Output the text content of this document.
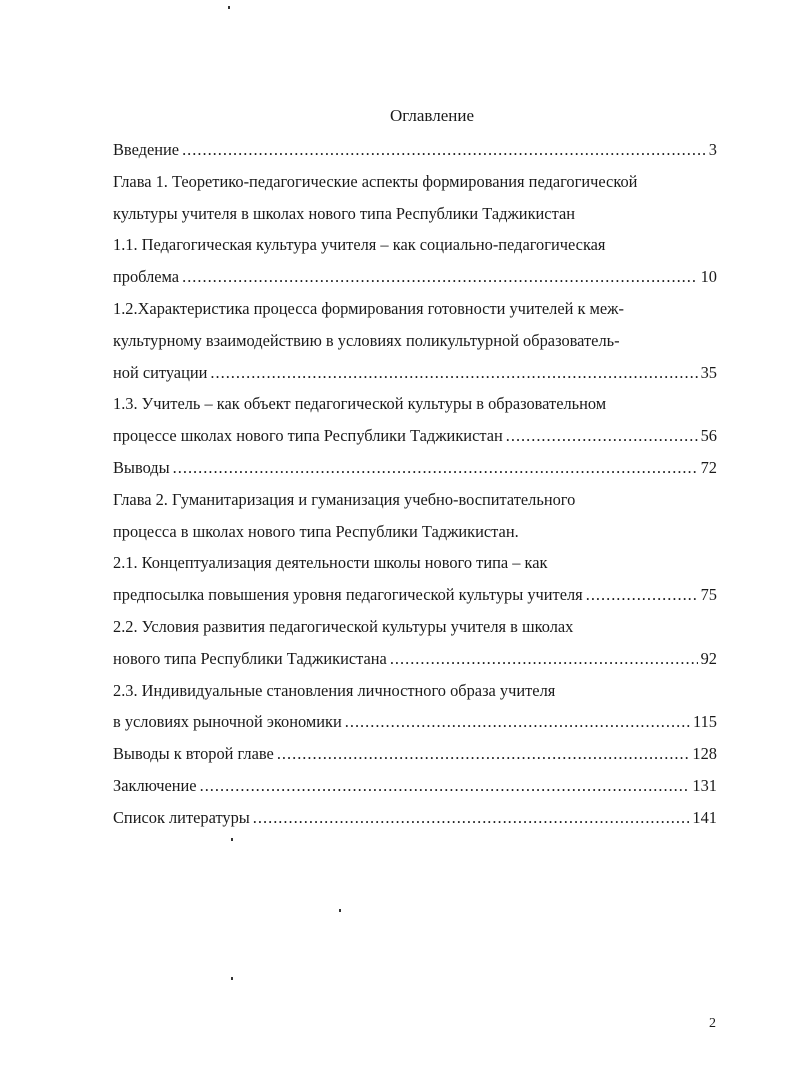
Оглавление
Введение .....	3
Глава 1. Теоретико-педагогические аспекты формирования педагогической
культуры учителя в школах нового типа Республики Таджикистан
1.1. Педагогическая культура учителя – как социально-педагогическая
проблема .....	10
1.2.Характеристика процесса формирования готовности учителей к меж-
культурному взаимодействию в условиях поликультурной образователь-
ной ситуации .....	35
1.3. Учитель – как объект педагогической культуры в образовательном
процессе школах нового типа Республики Таджикистан .....	56
Выводы .....	72
Глава 2. Гуманитаризация и гуманизация учебно-воспитательного
процесса в школах нового типа Республики Таджикистан.
2.1. Концептуализация деятельности школы нового типа – как
предпосылка повышения уровня педагогической культуры учителя .....	75
2.2. Условия развития педагогической культуры учителя в школах
нового типа Республики Таджикистана .....	92
2.3. Индивидуальные становления личностного образа учителя
в условиях рыночной экономики .....	115
Выводы к второй главе .....	128
Заключение .....	131
Список литературы .....	141
2
